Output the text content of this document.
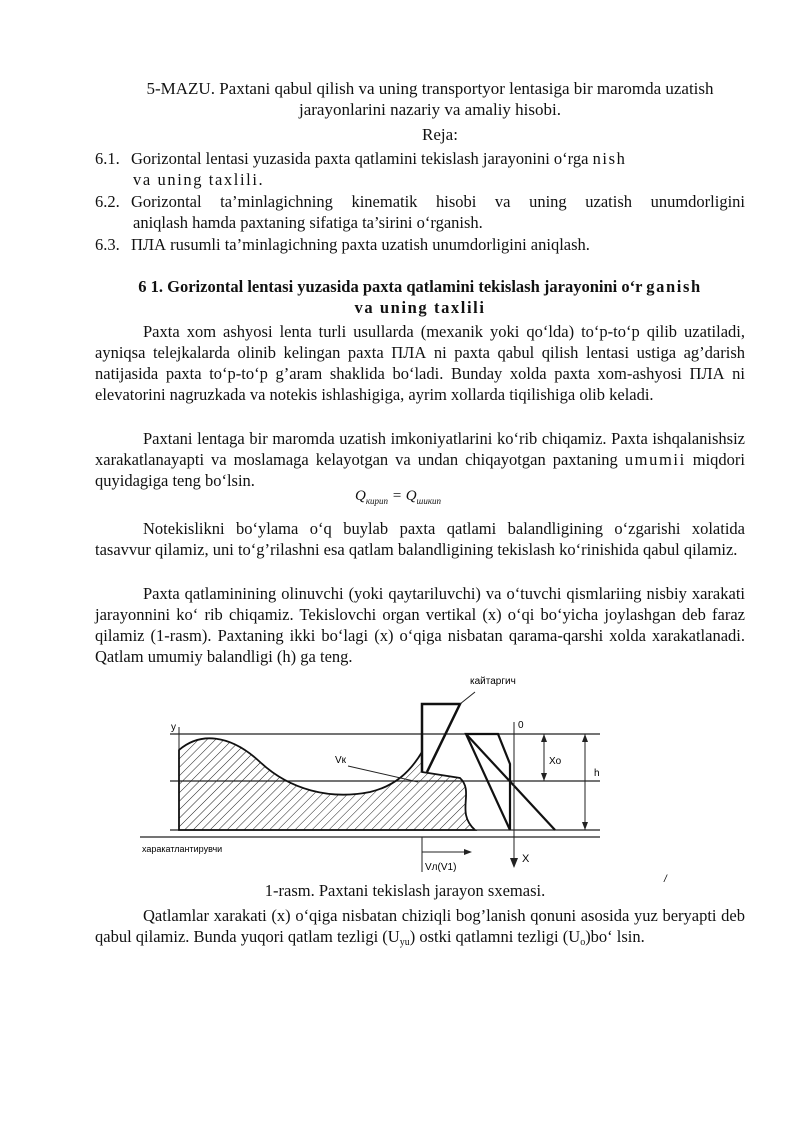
5-MAZU. Paxtani qabul qilish va uning transportyor lentasiga bir maromda uzatish
jarayonlarini nazariy va amaliy hisobi.
Reja:
6.1. Gorizontal lentasi yuzasida paxta qatlamini tekislash jarayonini o‘rga nish
va uning taxlili.
6.2. Gorizontal ta’minlagichning kinematik hisobi va uning uzatish unumdorligini
aniqlash hamda paxtaning sifatiga ta’sirini o‘rganish.
6.3. ПЛА rusumli ta’minlagichning paxta uzatish unumdorligini aniqlash.
6 1. Gorizontal lentasi yuzasida paxta qatlamini tekislash jarayonini o‘r ganish
va uning taxlili
Paxta xom ashyosi lenta turli usullarda (mexanik yoki qo‘lda) to‘p-to‘p qilib uzatiladi, ayniqsa telejkalarda olinib kelingan paxta ПЛА ni paxta qabul qilish lentasi ustiga ag’darish natijasida paxta to‘p-to‘p g’aram shaklida bo‘ladi. Bunday xolda paxta xom-ashyosi ПЛА ni elevatorini nagruzkada va notekis ishlashigiga, ayrim xollarda tiqilishiga olib keladi.
Paxtani lentaga bir maromda uzatish imkoniyatlarini ko‘rib chiqamiz. Paxta ishqalanishsiz xarakatlanayapti va moslamaga kelayotgan va undan chiqayotgan paxtaning umumii miqdori quyidagiga teng bo‘lsin.
$Q_{кирип} = Q_{шикип}$
Notekislikni bo‘ylama o‘q buylab paxta qatlami balandligining o‘zgarishi xolatida tasavvur qilamiz, uni to‘g’rilashni esa qatlam balandligining tekislash ko‘rinishida qabul qilamiz.
Paxta qatlaminining olinuvchi (yoki qaytariluvchi) va o‘tuvchi qismlariing nisbiy xarakati jarayonnini ko‘ rib chiqamiz. Tekislovchi organ vertikal (x) o‘qi bo‘yicha joylashgan deb faraz qilamiz (1-rasm). Paxtaning ikki bo‘lagi (x) o‘qiga nisbatan qarama-qarshi xolda xarakatlanadi. Qatlam umumiy balandligi (h) ga teng.
y
кайтаргич
Vк
0
X
Xo
h
Vл(V1)
харакатлантирувчи
/
1-rasm. Paxtani tekislash jarayon sxemasi.
Qatlamlar xarakati (x) o‘qiga nisbatan chiziqli bog’lanish qonuni asosida yuz beryapti deb qabul qilamiz. Bunda yuqori qatlam tezligi (Uyu) ostki qatlamni tezligi (Uo)bo‘ lsin.
